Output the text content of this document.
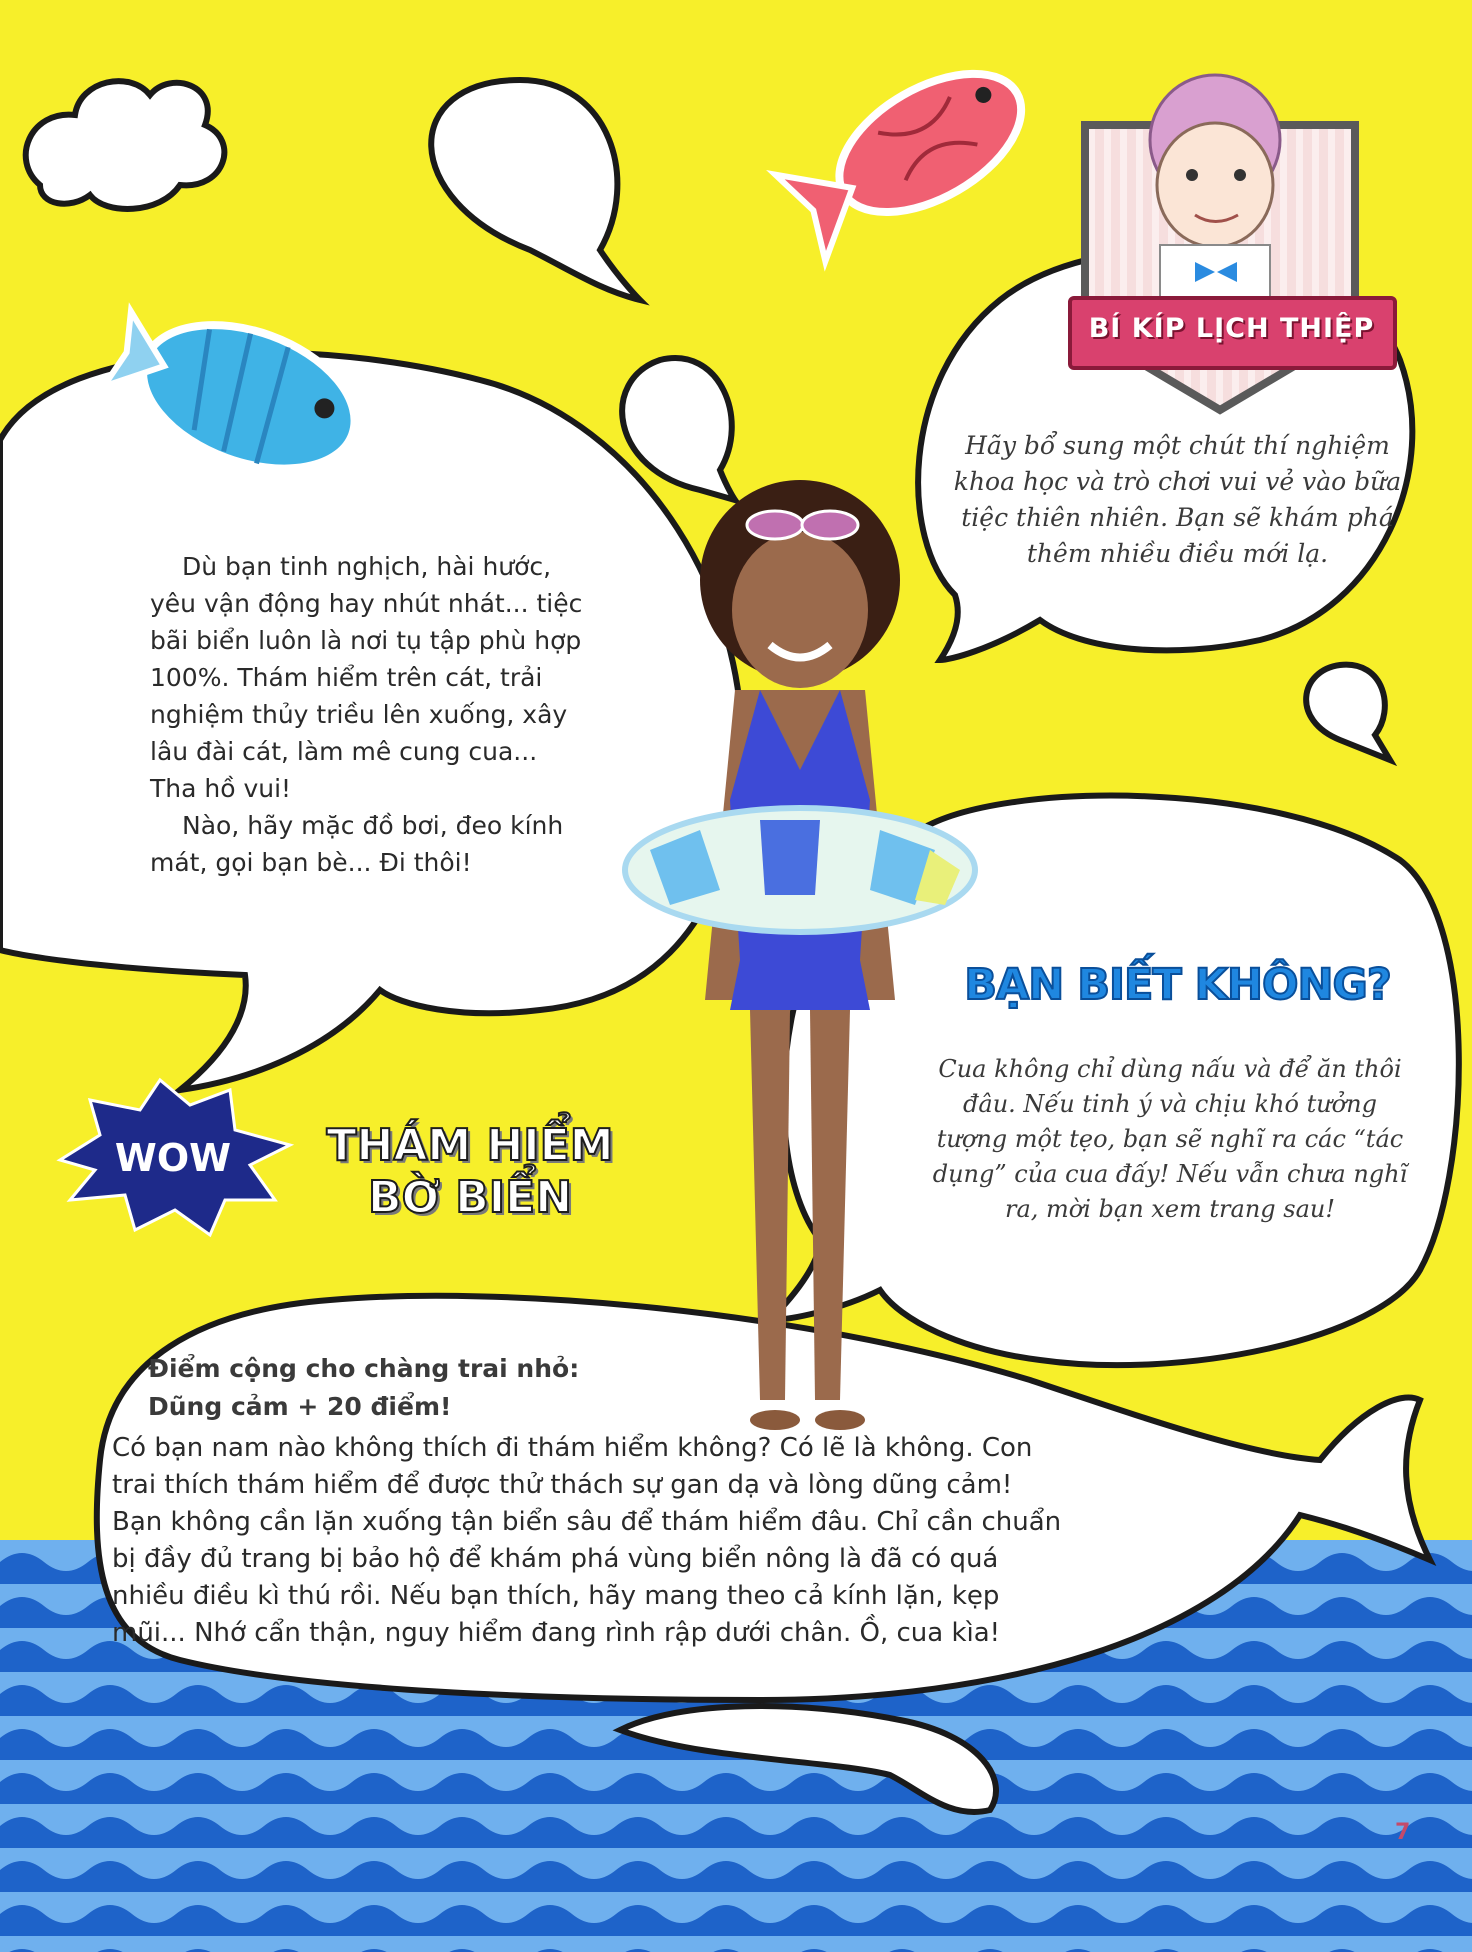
Dù bạn tinh nghịch, hài hước, yêu vận động hay nhút nhát... tiệc bãi biển luôn là nơi tụ tập phù hợp 100%. Thám hiểm trên cát, trải nghiệm thủy triều lên xuống, xây lâu đài cát, làm mê cung cua... Tha hồ vui!

Nào, hãy mặc đồ bơi, đeo kính mát, gọi bạn bè... Đi thôi!

BÍ KÍP LỊCH THIỆP
Hãy bổ sung một chút thí nghiệm khoa học và trò chơi vui vẻ vào bữa tiệc thiên nhiên. Bạn sẽ khám phá thêm nhiều điều mới lạ.
BẠN BIẾT KHÔNG?
Cua không chỉ dùng nấu và để ăn thôi đâu. Nếu tinh ý và chịu khó tưởng tượng một tẹo, bạn sẽ nghĩ ra các “tác dụng” của cua đấy! Nếu vẫn chưa nghĩ ra, mời bạn xem trang sau!
WOW	THÁM HIỂM
BỜ BIỂN
Điểm cộng cho chàng trai nhỏ:
Dũng cảm + 20 điểm!
Có bạn nam nào không thích đi thám hiểm không? Có lẽ là không. Con trai thích thám hiểm để được thử thách sự gan dạ và lòng dũng cảm! Bạn không cần lặn xuống tận biển sâu để thám hiểm đâu. Chỉ cần chuẩn bị đầy đủ trang bị bảo hộ để khám phá vùng biển nông là đã có quá nhiều điều kì thú rồi. Nếu bạn thích, hãy mang theo cả kính lặn, kẹp mũi... Nhớ cẩn thận, nguy hiểm đang rình rập dưới chân. Ồ, cua kìa!
7
